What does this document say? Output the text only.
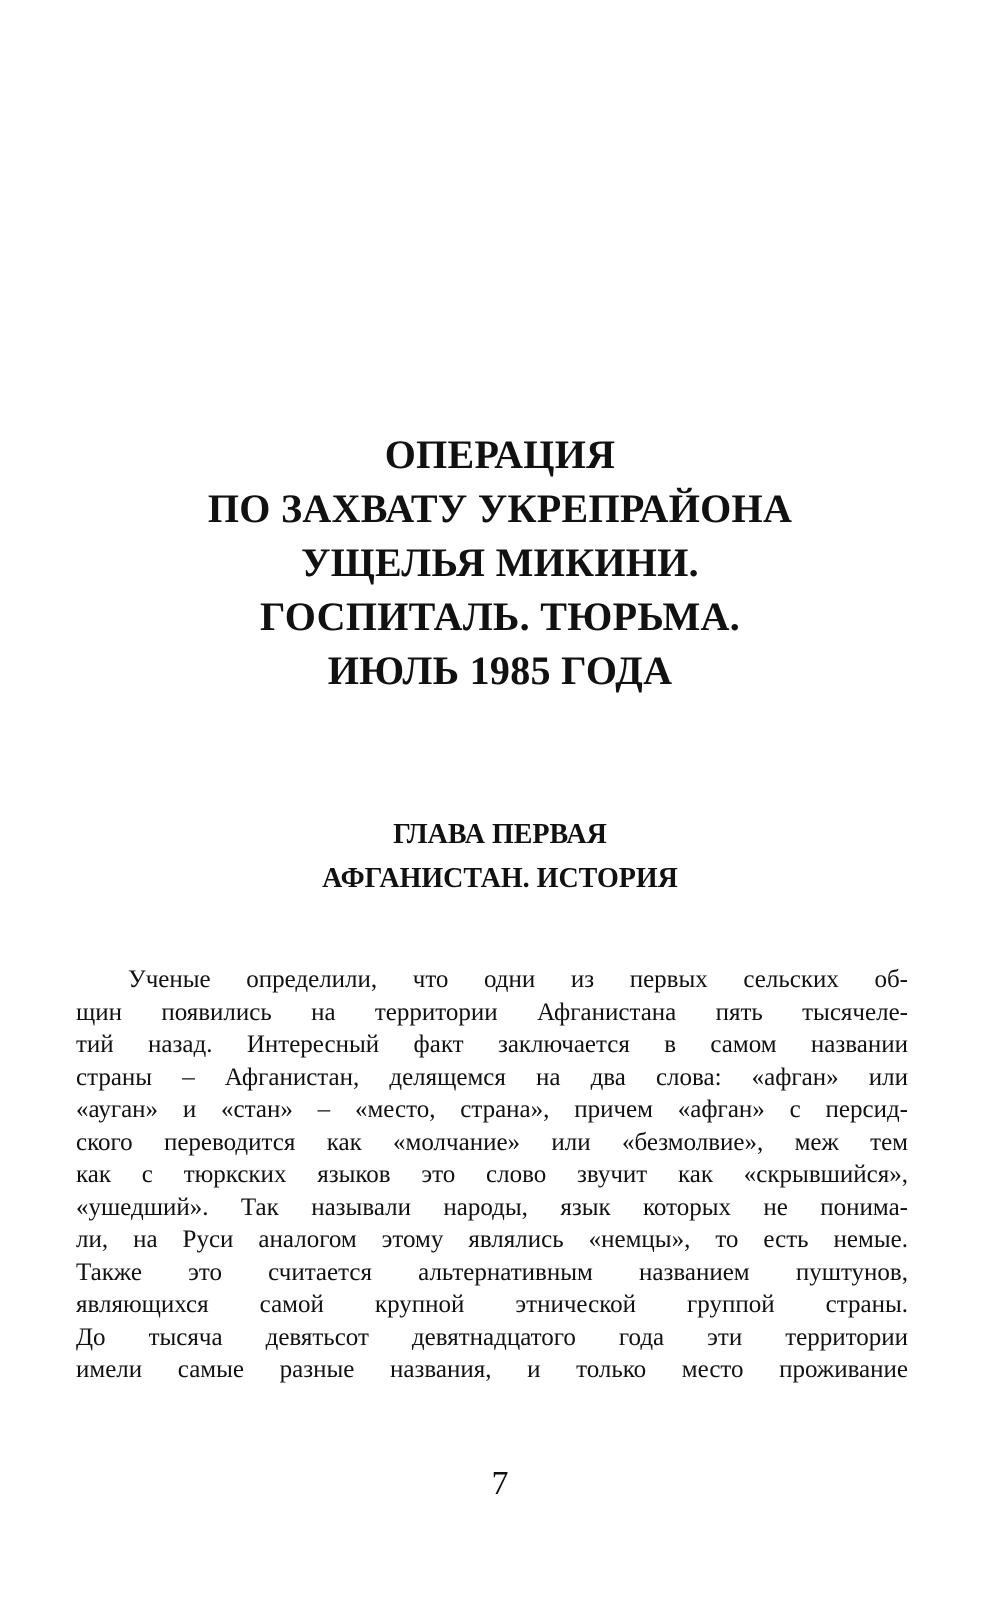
ОПЕРАЦИЯ
ПО ЗАХВАТУ УКРЕПРАЙОНА
УЩЕЛЬЯ МИКИНИ.
ГОСПИТАЛЬ. ТЮРЬМА.
ИЮЛЬ 1985 ГОДА
ГЛАВА ПЕРВАЯ
АФГАНИСТАН. ИСТОРИЯ
Ученые определили, что одни из первых сельских об-
щин появились на территории Афганистана пять тысячеле-
тий назад. Интересный факт заключается в самом названии
страны – Афганистан, делящемся на два слова: «афган» или
«ауган» и «стан» – «место, страна», причем «афган» с персид-
ского переводится как «молчание» или «безмолвие», меж тем
как с тюркских языков это слово звучит как «скрывшийся»,
«ушедший». Так называли народы, язык которых не понима-
ли, на Руси аналогом этому являлись «немцы», то есть немые.
Также это считается альтернативным названием пуштунов,
являющихся самой крупной этнической группой страны.
До тысяча девятьсот девятнадцатого года эти территории
имели самые разные названия, и только место проживание
7
